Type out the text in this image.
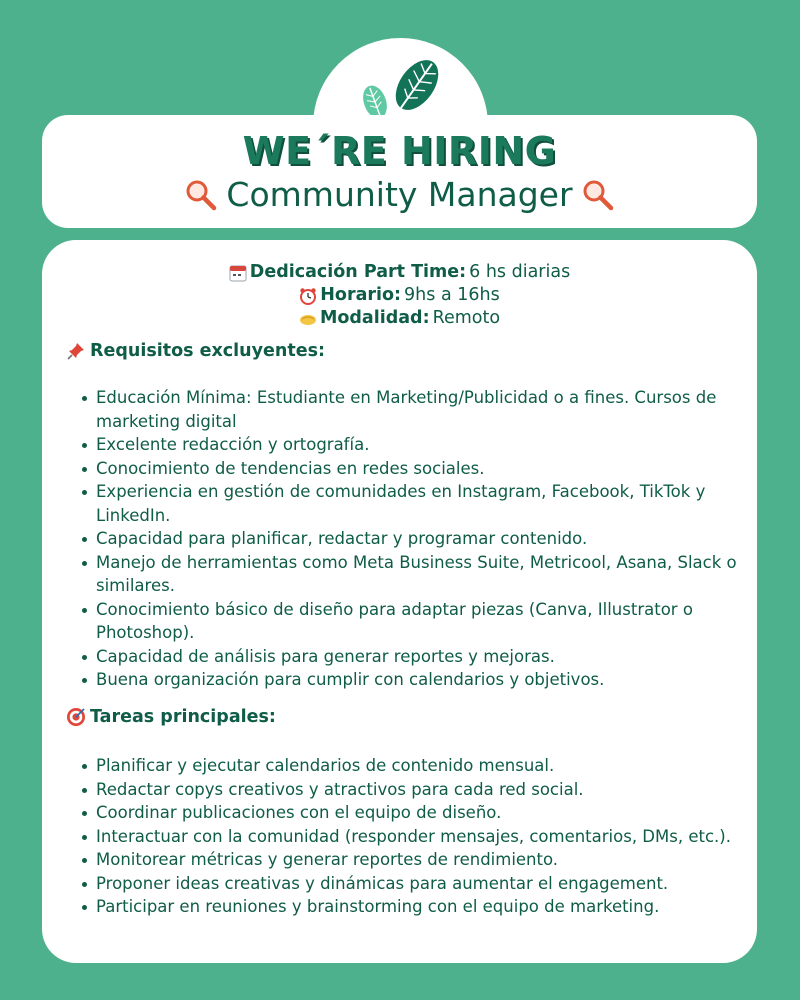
WE´RE HIRING
Community Manager
Dedicación Part Time: 6 hs diarias
Horario: 9hs a 16hs
Modalidad: Remoto
Requisitos excluyentes:
Educación Mínima: Estudiante en Marketing/Publicidad o a fines. Cursos de marketing digital
Excelente redacción y ortografía.
Conocimiento de tendencias en redes sociales.
Experiencia en gestión de comunidades en Instagram, Facebook, TikTok y LinkedIn.
Capacidad para planificar, redactar y programar contenido.
Manejo de herramientas como Meta Business Suite, Metricool, Asana, Slack o similares.
Conocimiento básico de diseño para adaptar piezas (Canva, Illustrator o Photoshop).
Capacidad de análisis para generar reportes y mejoras.
Buena organización para cumplir con calendarios y objetivos.
Tareas principales:
Planificar y ejecutar calendarios de contenido mensual.
Redactar copys creativos y atractivos para cada red social.
Coordinar publicaciones con el equipo de diseño.
Interactuar con la comunidad (responder mensajes, comentarios, DMs, etc.).
Monitorear métricas y generar reportes de rendimiento.
Proponer ideas creativas y dinámicas para aumentar el engagement.
Participar en reuniones y brainstorming con el equipo de marketing.
